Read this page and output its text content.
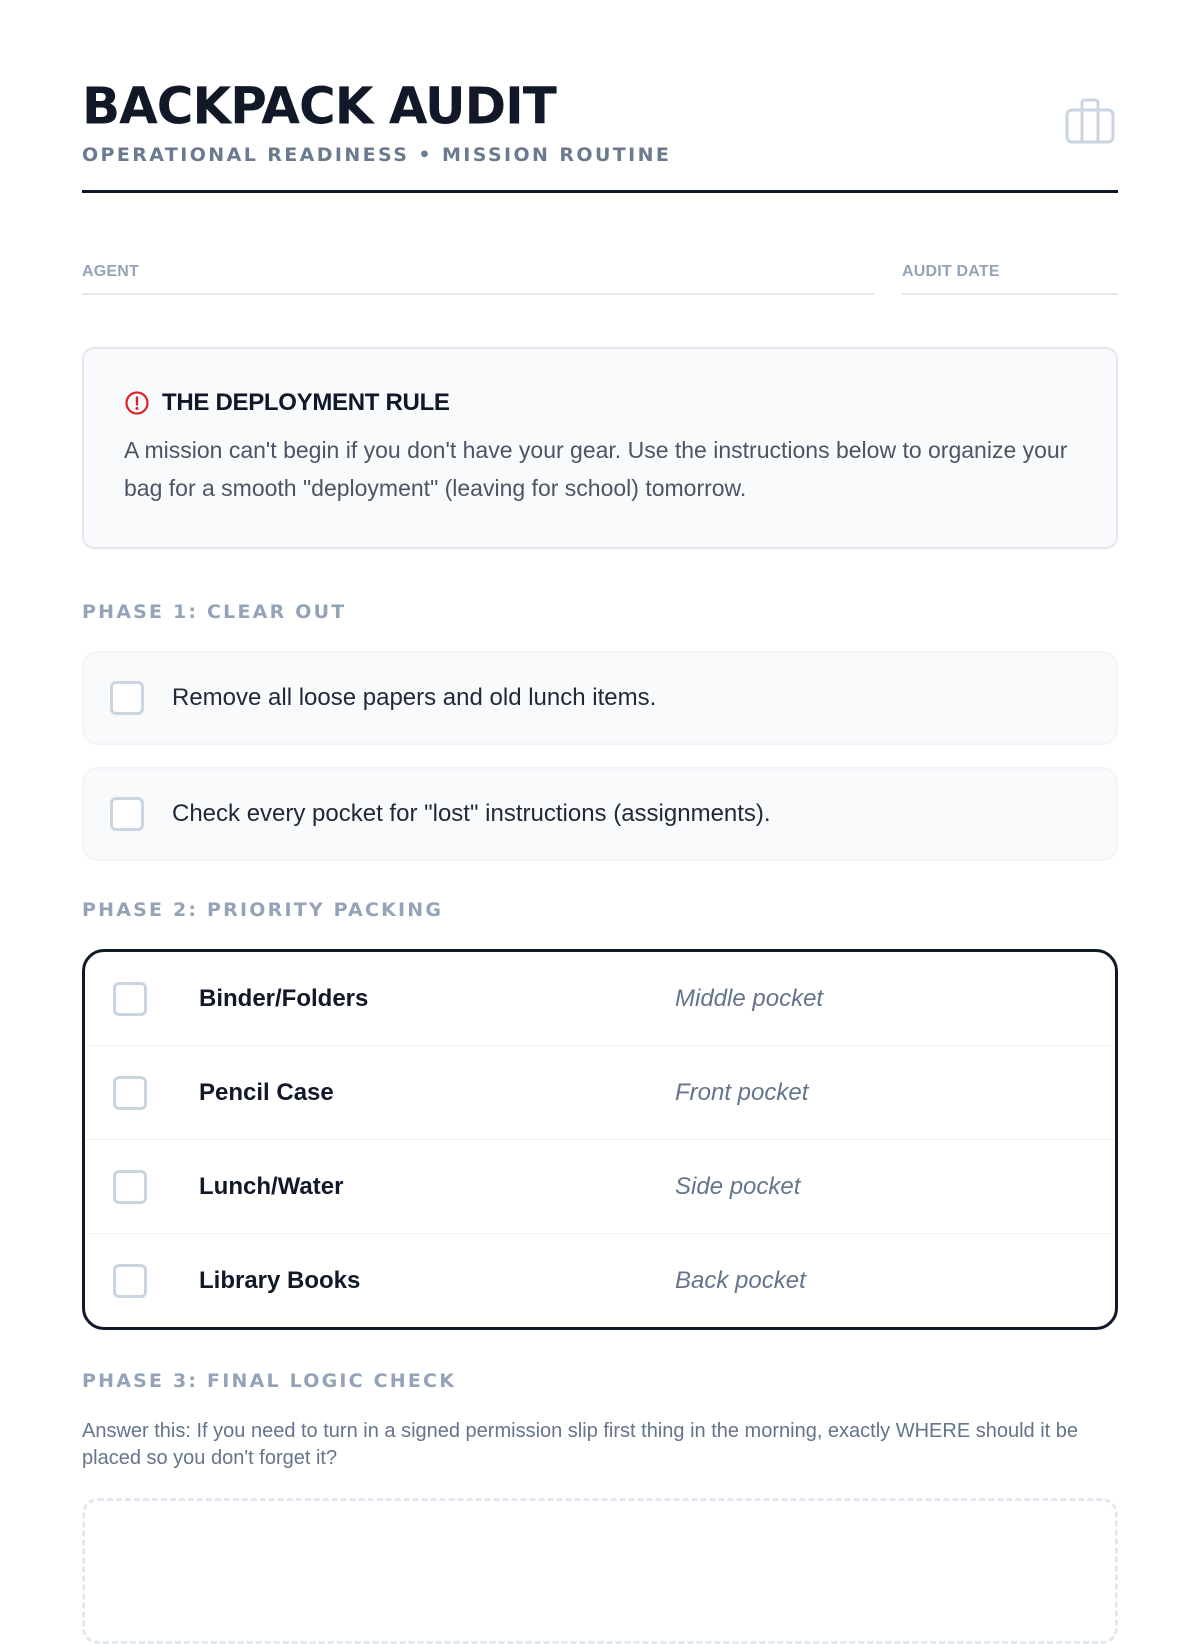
BACKPACK AUDIT
OPERATIONAL READINESS • MISSION ROUTINE
AGENT	AUDIT DATE
THE DEPLOYMENT RULE
A mission can't begin if you don't have your gear. Use the instructions below to organize your bag for a smooth "deployment" (leaving for school) tomorrow.
PHASE 1: CLEAR OUT
Remove all loose papers and old lunch items.
Check every pocket for "lost" instructions (assignments).
PHASE 2: PRIORITY PACKING
Binder/Folders	Middle pocket
Pencil Case	Front pocket
Lunch/Water	Side pocket
Library Books	Back pocket
PHASE 3: FINAL LOGIC CHECK
Answer this: If you need to turn in a signed permission slip first thing in the morning, exactly WHERE should it be placed so you don't forget it?
